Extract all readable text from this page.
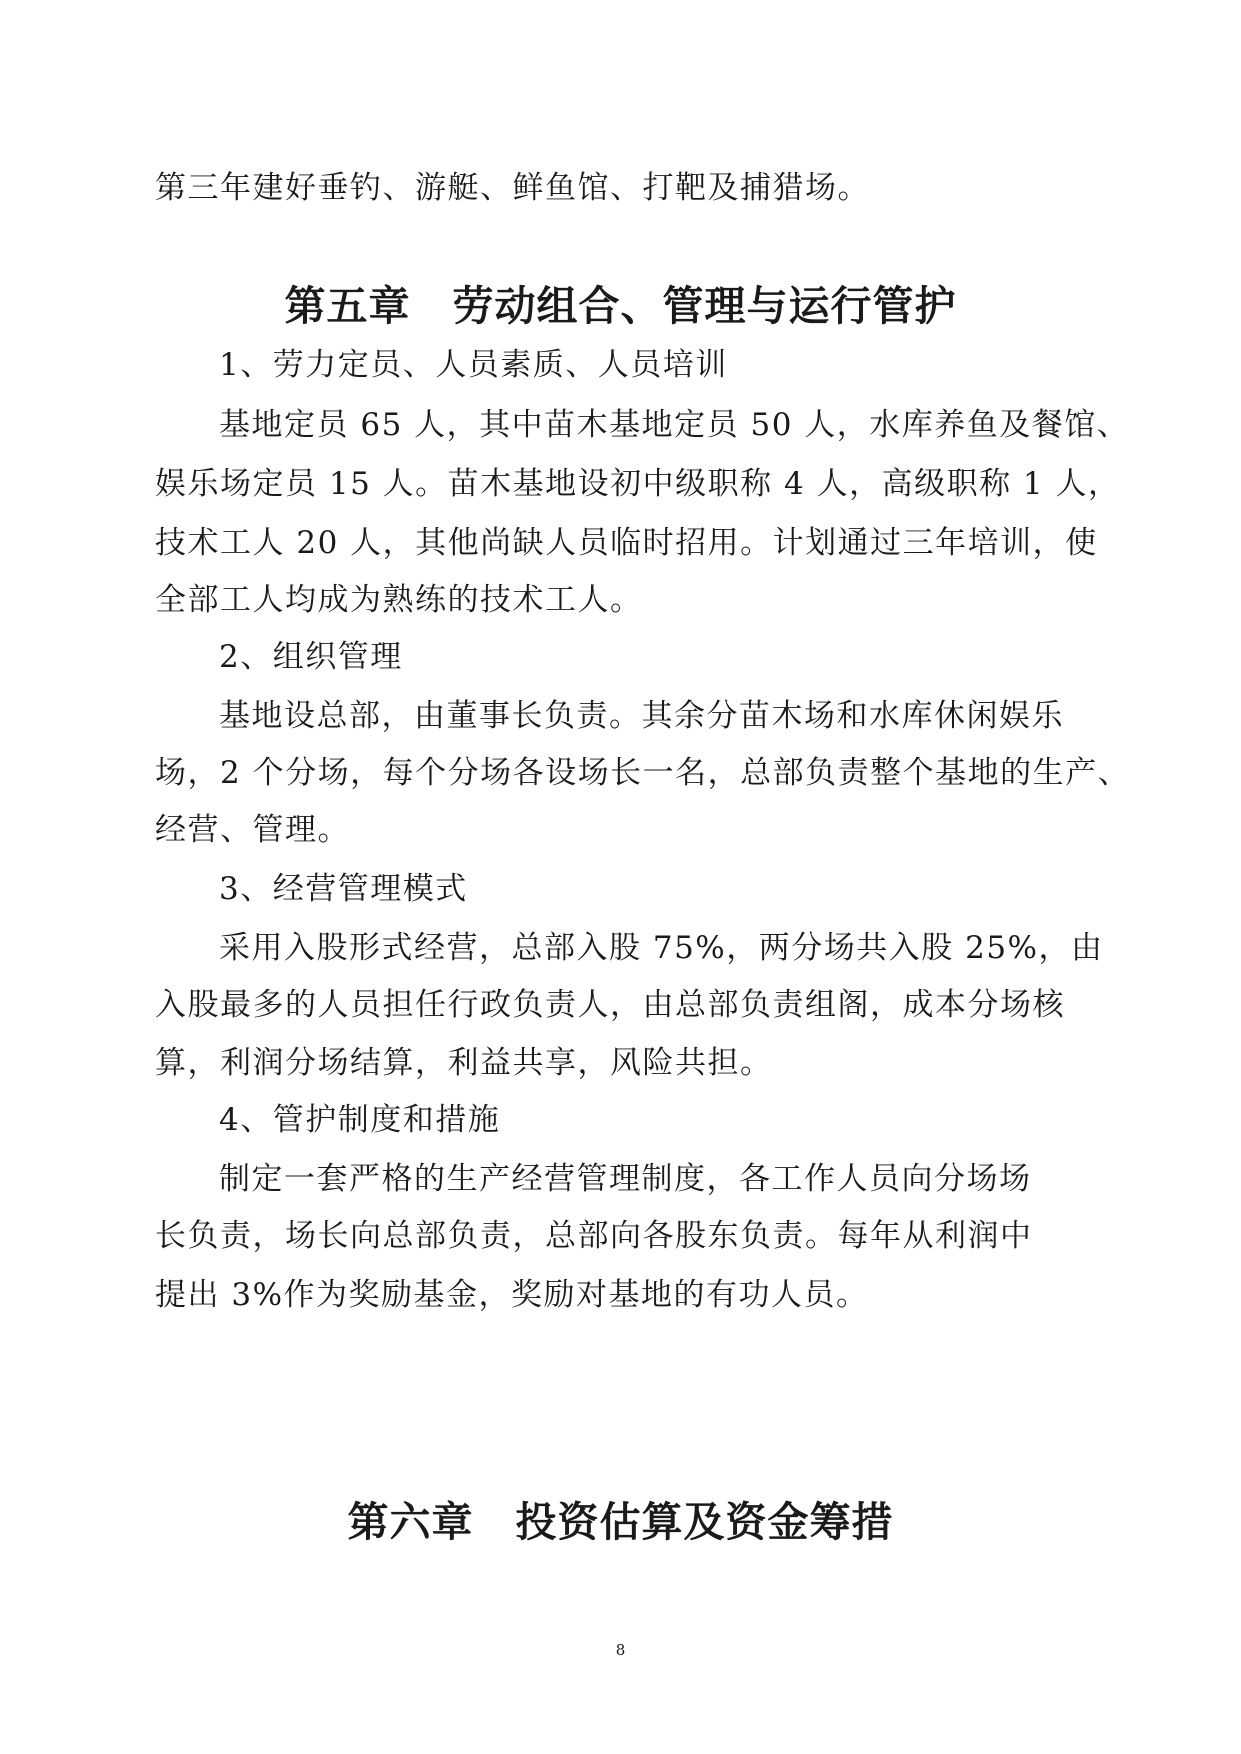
第三年建好垂钓、游艇、鲜鱼馆、打靶及捕猎场。
第五章　劳动组合、管理与运行管护
1、劳力定员、人员素质、人员培训
基地定员 65 人，其中苗木基地定员 50 人，水库养鱼及餐馆、
娱乐场定员 15 人。苗木基地设初中级职称 4 人，高级职称 1 人，
技术工人 20 人，其他尚缺人员临时招用。计划通过三年培训，使
全部工人均成为熟练的技术工人。
2、组织管理
基地设总部，由董事长负责。其余分苗木场和水库休闲娱乐
场，2 个分场，每个分场各设场长一名，总部负责整个基地的生产、
经营、管理。
3、经营管理模式
采用入股形式经营，总部入股 75%，两分场共入股 25%，由
入股最多的人员担任行政负责人，由总部负责组阁，成本分场核
算，利润分场结算，利益共享，风险共担。
4、管护制度和措施
制定一套严格的生产经营管理制度，各工作人员向分场场
长负责，场长向总部负责，总部向各股东负责。每年从利润中
提出 3%作为奖励基金，奖励对基地的有功人员。
第六章　投资估算及资金筹措
8
